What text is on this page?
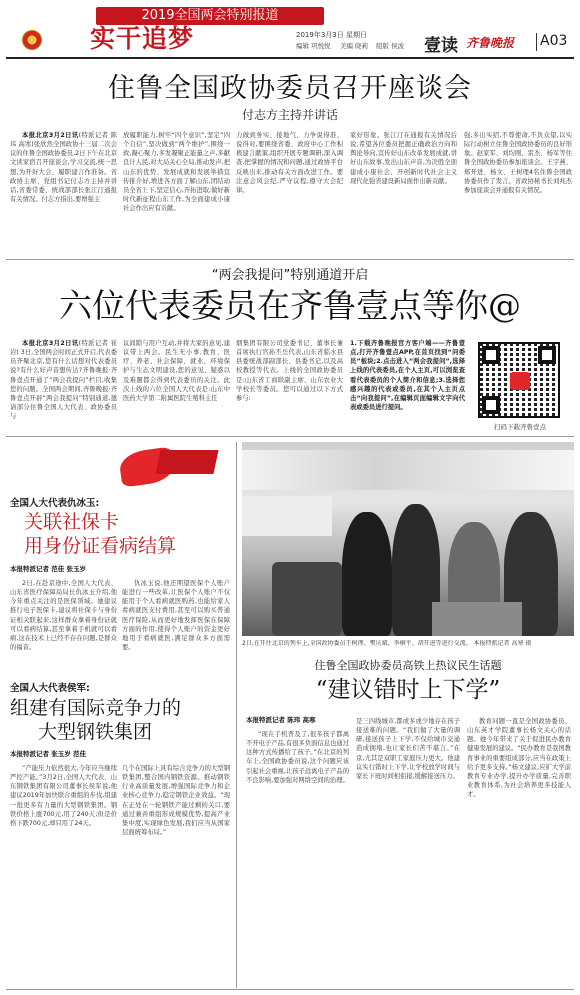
2019全国两会特别报道
实干追梦	2019年3月3日 星期日
编辑 巩悦悦 美编 晓莉 组版 侯波 壹读 齐鲁晚报 A03
住鲁全国政协委员召开座谈会
付志方主持并讲话
本报北京3月2日讯(特派记者 陈玮 高寒)张欣然全国政协十三届二次会议的住鲁全国政协委员,2日下午在北京文读家宿召开座谈会,学习交流,统一思想,为开好大会、履职建言作准备。省政协主席、党组书记付志方主持并讲话,省委常委、统战部部长张江汀通报有关情况。付志方指出,要增强主
放履职能力,树牢“四个意识”,坚定“四个自信”,坚决做到“两个维护”,围绕一致,凝心聚力,多发凝聚正能量之声,多献良计人民,对大局关心全局,推动发声,把山东的优势、发展成就和发展举措宣传推介好,增进各方面了解山东,团结动员全省上下,坚定信心,开拓进取,做好新时代新征程山东工作,为全面建成小康社会作出应有贡献。
力做到务实、接地气、力争说得准、说得对,要围绕省委、政府中心工作积极建言献策,组织开展专题调研,深入调查,把掌握的情况和问题,通过政协平台反映出来,推动有关方面改进工作。要注意会风会纪,严守议程,遵守大会纪律。
家好形象。张江汀在通报有关情况后说,希望各位委员把握正确政治方向和舆论导向,宣传好山东改革发展成就,讲好山东故事,发出山东声音,为决胜全面建成小康社会、开创新时代社会主义现代化强省建设新局面作出新贡献。
强,多出实招,不尊使命,不负众望,以实际行动树立住鲁全国政协委员的良好形象。赵家军、刘均刚、雷杰、杨军等住鲁全国政协委员参加座谈会。王宇燕、郑开进、杨文、王树理4名住鲁全国政协委员作了发言。省政协秘书长刘兆杰参加座谈会并通报有关情况。
“两会我提问”特别通道开启
六位代表委员在齐鲁壹点等你@
本报北京3月2日讯(特派记者 崔岩) 3日,全国两会时间正式开启,代表委员齐聚北京,您有什么话想对代表委员说?有什么好声音想传达?齐鲁晚报·齐鲁壹点开通了“两会我提问”栏目,收集您的问题。全国两会期间,齐鲁晚报·齐鲁壹点开辟“两会我提问”特别通道,邀请部分住鲁全国人大代表、政协委员与
议间隙与用户互动,并将大家的意见,建议带上两会。民生无小事,教育、医疗、养老、社会保障、就业、环境保护与生态文明建设,您的意见、疑惑以及难题都会得到代表委员的关注。此次上线的六位全国人大代表是:山东中医药大学第二附属医院生殖科主任
烟集团有限公司党委书记、董事长兼首席执行官孙丕岳代表,山东省临水县县委统战部副部长、县委书记,以及高校教授等代表。上线的全国政协委员是:山东省工商联副主席、山东农业大学校长等委员。您可以通过以下方式参与:
1.下载齐鲁晚报官方客户端——齐鲁壹点,打开齐鲁壹点APP,在首页找到“问委员”板块;2.点击进入“两会我提问”,选择上线的代表委员,在个人主页,可以浏览查看代表委员的个人简介和信息;3.选择您感兴趣的代表或委员,在其个人主页点击“向我提问”,在编辑页面编辑文字向代表或委员进行提问。
扫码下载齐鲁壹点
全国人大代表仇冰玉:
关联社保卡
用身份证看病结算
本报特派记者 范佳 张玉岁
2日,在赴京途中,全国人大代表、山东省医疗保障局局长仇冰玉介绍,他今年重点关注的是医保领域。她建议推行电子医保卡,建议将社保卡与身份证相关联起来,这样群众拿着身份证就可以看病结算,甚至拿着手机就可以看病,这在技术上已经不存在问题,是群众的福音。
仇冰玉说,他还期望医保个人账户能进行一些改革,让医保个人账户不仅能用于个人看病就医购药,也能给家人看病就医支付费用,甚至可以购买普通医疗保险,从而更好地发挥医保在保障方面的作用,使得个人账户的资金更好地用于看病就医,满足群众多方面需要。
全国人大代表侯军:
组建有国际竞争力的
大型钢铁集团
本报特派记者 张玉岁 范佳
“产能压力依然很大,今年应当继续严控产能。”3月2日,全国人大代表、山东钢铁集团有限公司董事长侯军说,他建议2019年加快联合重组的步伐,组建一批更多有力量的大型钢铁集团。钢铁价格上涨700元,用了240天;但是价格下跌700元,却只用了24天。
几个在国际上具有综合竞争力的大型钢铁集团,整合国内钢铁资源。推动钢铁行业高质量发展,增强国际竞争力和企业核心竞争力,稳定钢铁企业效益。“现在正处在一轮钢铁产能过剩的关口,要通过兼并重组形成规模优势,提高产业集中度,实现绿色发展,我们应当从国家层面统筹布局。”
2日,在开往北京的列车上,全国政协委员王树理、樊庆斌、李桐平、胡开进等进行交流。 本报特派记者 高寒 摄
住鲁全国政协委员高铁上热议民生话题
“建议错时上下学”
本报特派记者 陈玮 高寒
“现在手机普及了,很多孩子都离不开电子产品,有很多负面信息也通过这种方式传播给了孩子。”在北京的列车上,全国政协委员说,这个问题应该引起社会重视,让孩子远离电子产品的不良影响,要加强对网络空间的治理。
是三四线城市,都或多或少地存在孩子接送难的问题。“我们做了大量的调研,接送孩子上下学,不仅给城市交通造成拥堵,也让家长们苦不堪言。”在京,尤其是双职工家庭压力更大。他建议实行错时上下学,让学校放学时间与家长下班时间相衔接,缓解接送压力。
教育问题一直是全国政协委员、山东英才学院董事长杨文关心的话题。她今年带来了关于促进民办教育健康发展的建议。“民办教育是我国教育事业的重要组成部分,应当在政策上给予更多支持。”杨文建议,应扩大学前教育专业办学,提升办学质量,完善职业教育体系,为社会培养更多技能人才。
